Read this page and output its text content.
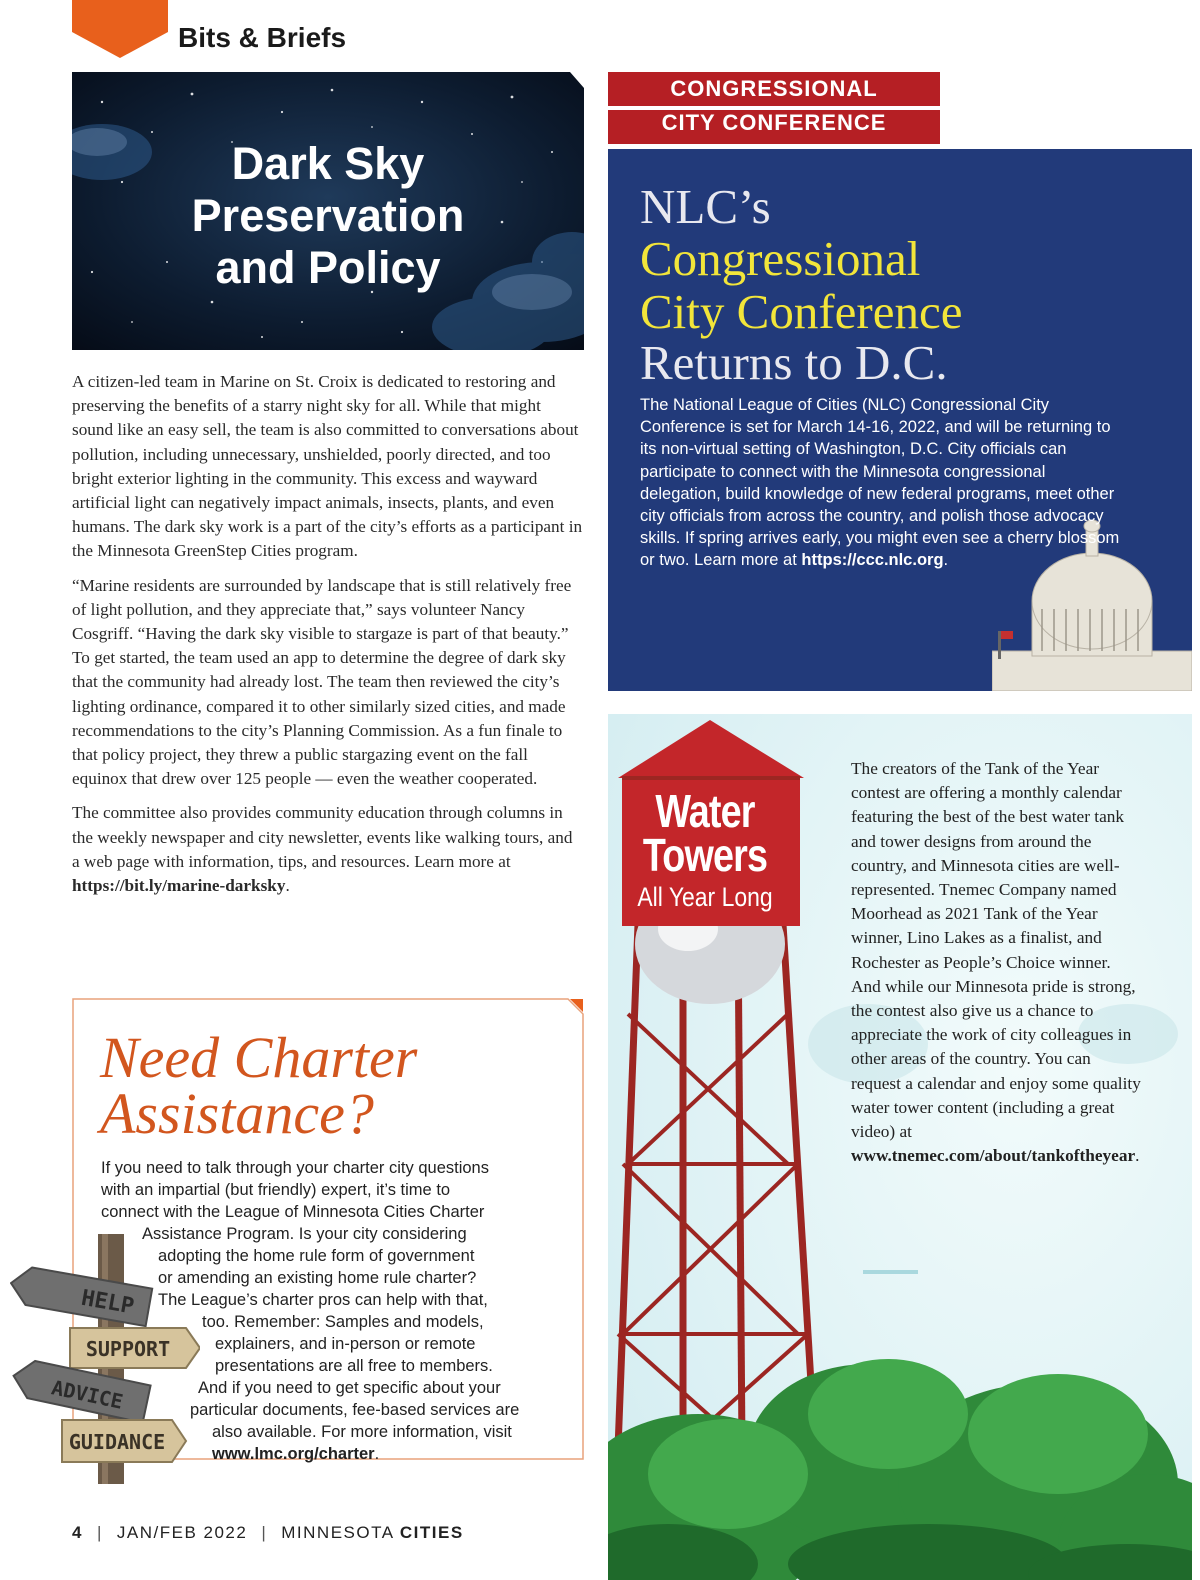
Bits & Briefs
Dark Sky
Preservation
and Policy

A citizen-led team in Marine on St. Croix is dedicated to restoring and preserving the benefits of a starry night sky for all. While that might sound like an easy sell, the team is also committed to conversations about pollution, including unnecessary, unshielded, poorly directed, and too bright exterior lighting in the community. This excess and wayward artificial light can negatively impact animals, insects, plants, and even humans. The dark sky work is a part of the city’s efforts as a participant in the Minnesota GreenStep Cities program.

“Marine residents are surrounded by landscape that is still relatively free of light pollution, and they appreciate that,” says volunteer Nancy Cosgriff. “Having the dark sky visible to stargaze is part of that beauty.” To get started, the team used an app to determine the degree of dark sky that the community had already lost. The team then reviewed the city’s lighting ordinance, compared it to other similarly sized cities, and made recommendations to the city’s Planning Commission. As a fun finale to that policy project, they threw a public stargazing event on the fall equinox that drew over 125 people — even the weather cooperated.

The committee also provides community education through columns in the weekly newspaper and city newsletter, events like walking tours, and a web page with information, tips, and resources. Learn more at https://bit.ly/marine-darksky.

CONGRESSIONAL
CITY CONFERENCE
NLC’s
Congressional
City Conference
Returns to D.C.
The National League of Cities (NLC) Congressional City Conference is set for March 14-16, 2022, and will be returning to its non-virtual setting of Washington, D.C. City officials can participate to connect with the Minnesota congressional delegation, build knowledge of new federal programs, meet other city officials from across the country, and polish those advocacy skills. If spring arrives early, you might even see a cherry blossom or two. Learn more at https://ccc.nlc.org.
Water
Towers
All Year Long
The creators of the Tank of the Year contest are offering a monthly calendar featuring the best of the best water tank and tower designs from around the country, and Minnesota cities are well-represented. Tnemec Company named Moorhead as 2021 Tank of the Year winner, Lino Lakes as a finalist, and Rochester as People’s Choice winner. And while our Minnesota pride is strong, the contest also give us a chance to appreciate the work of city colleagues in other areas of the country. You can request a calendar and enjoy some quality water tower content (including a great video) at www.tnemec.com/about/tankoftheyear.
Need Charter
Assistance?
If you need to talk through your charter city questions
with an impartial (but friendly) expert, it’s time to
connect with the League of Minnesota Cities Charter
Assistance Program. Is your city considering
adopting the home rule form of government
or amending an existing home rule charter?
The League’s charter pros can help with that,
too. Remember: Samples and models,
explainers, and in-person or remote
presentations are all free to members.
And if you need to get specific about your
particular documents, fee-based services are
also available. For more information, visit
www.lmc.org/charter.
HELP
SUPPORT
ADVICE
GUIDANCE
4 | JAN/FEB 2022 | MINNESOTA CITIES
